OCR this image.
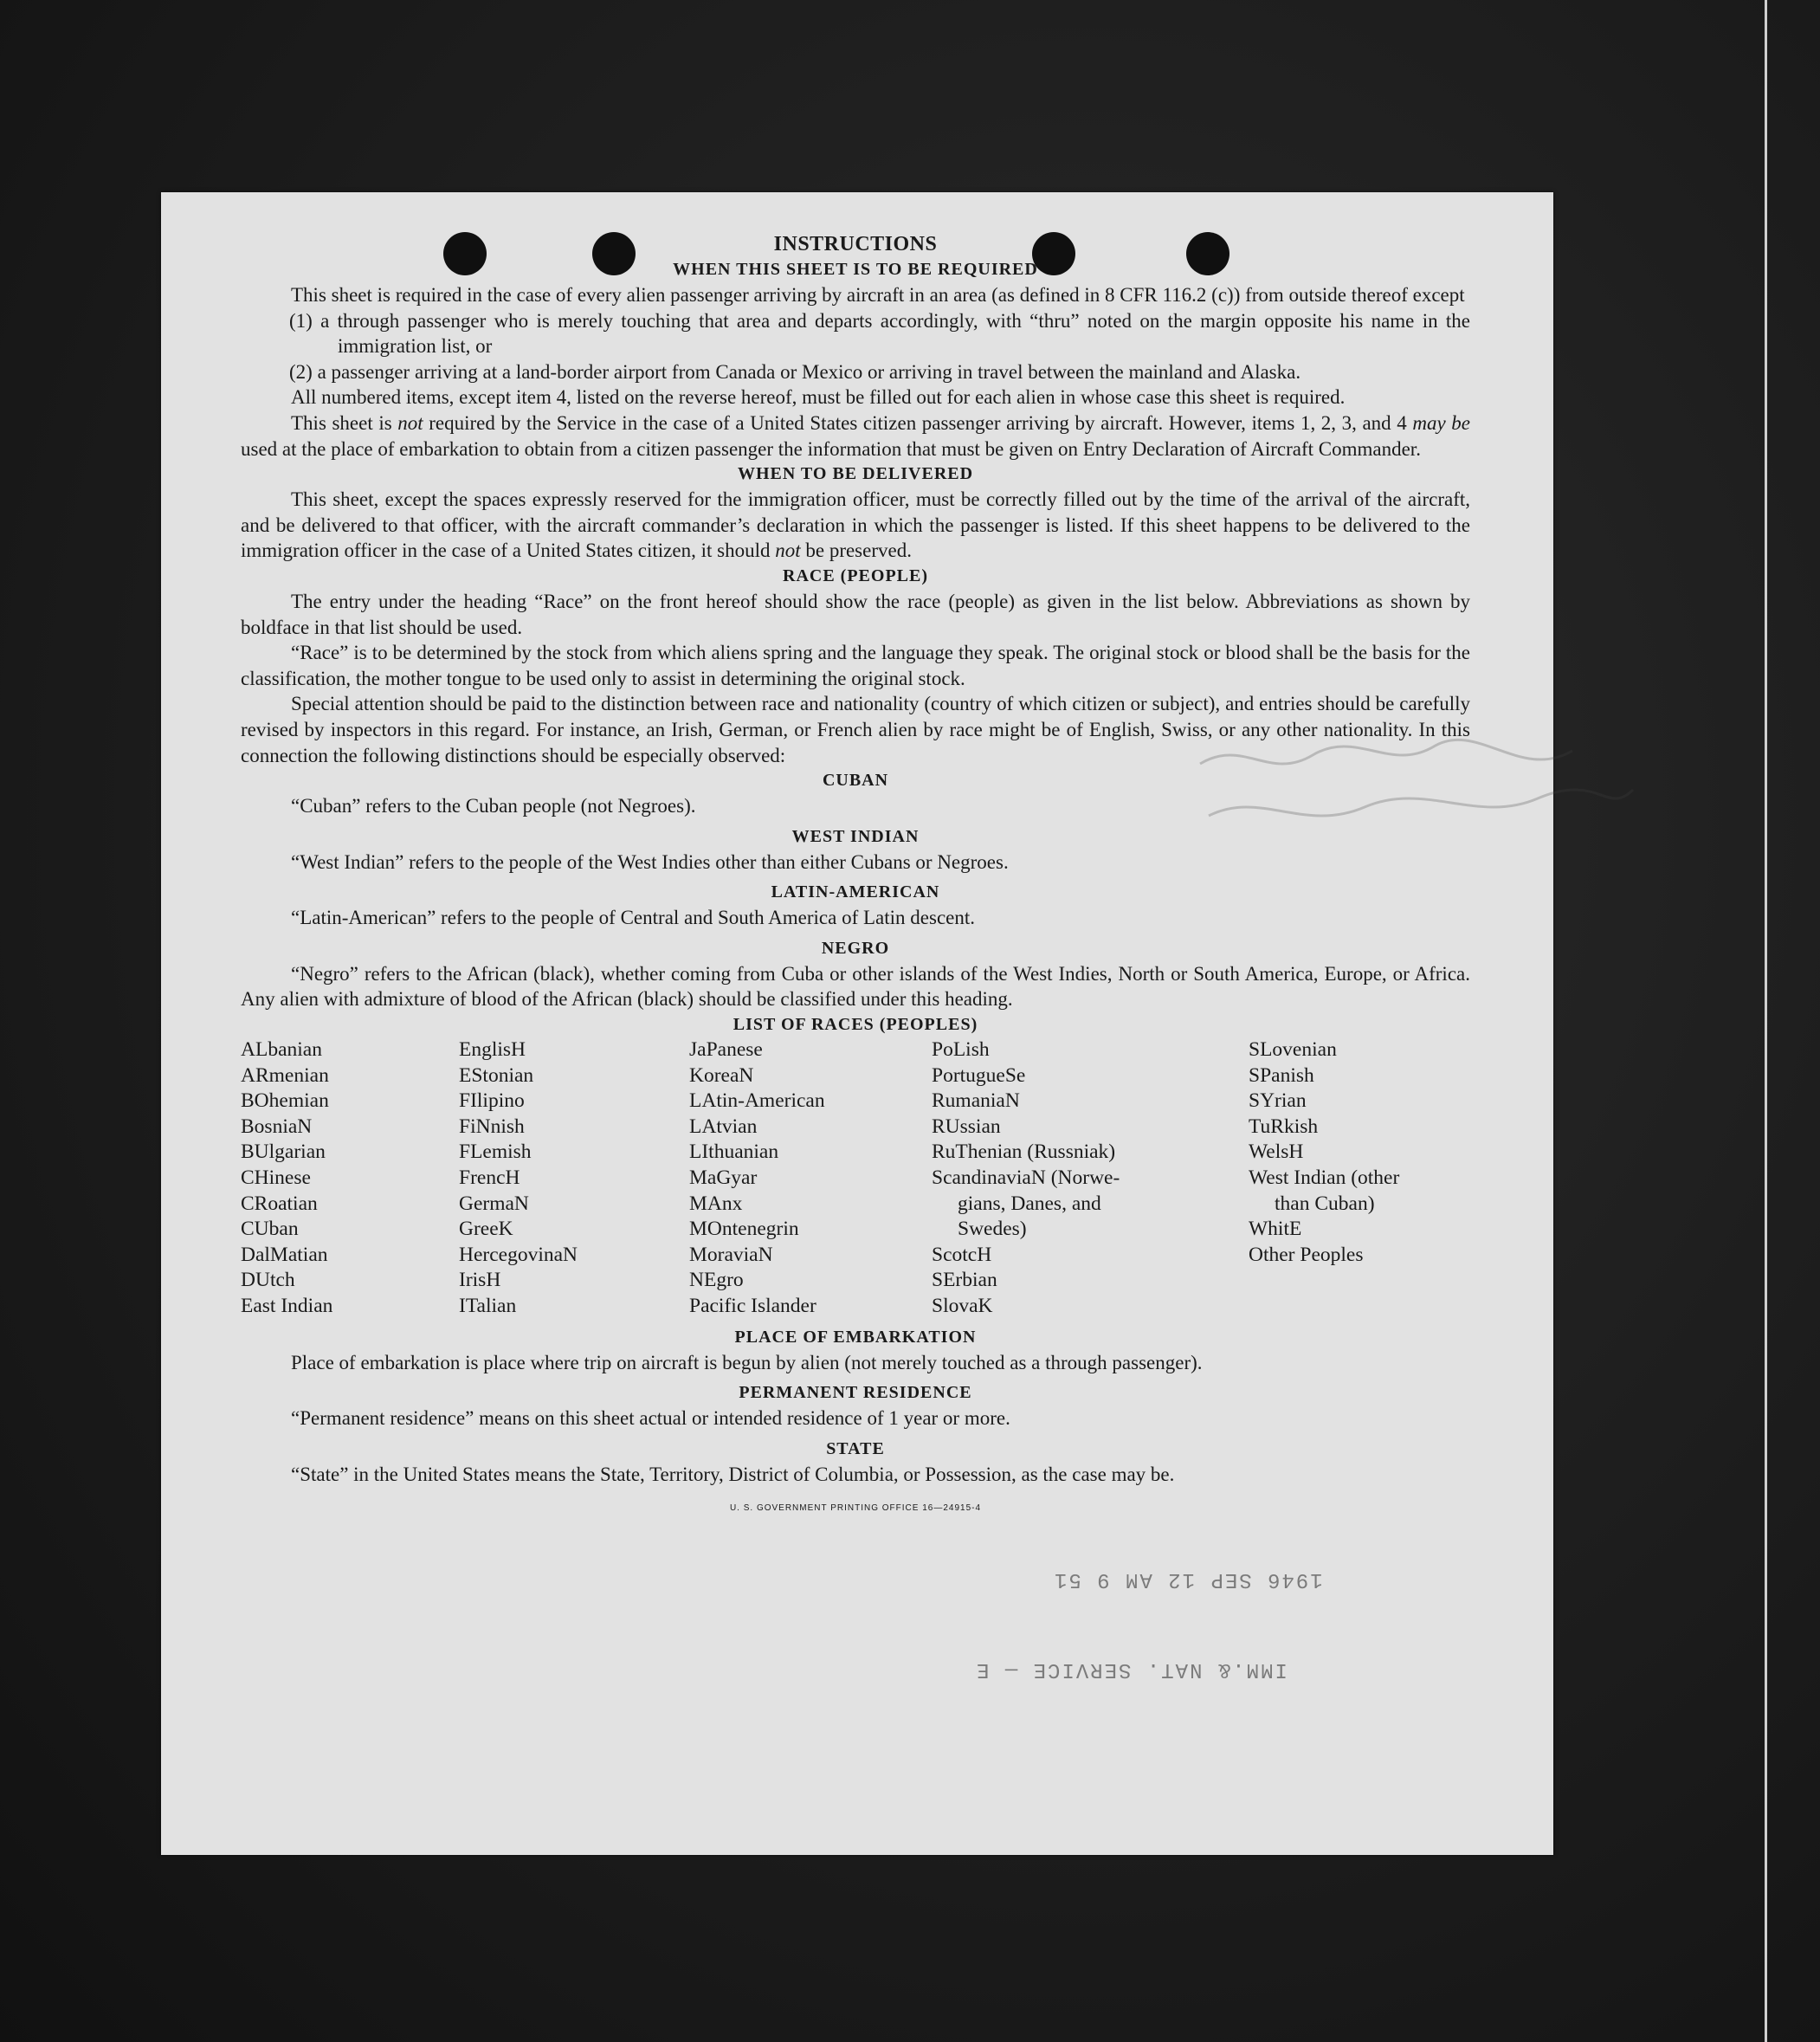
INSTRUCTIONS
WHEN THIS SHEET IS TO BE REQUIRED

This sheet is required in the case of every alien passenger arriving by aircraft in an area (as defined in 8 CFR 116.2 (c)) from outside thereof except

(1) a through passenger who is merely touching that area and departs accordingly, with “thru” noted on the margin opposite his name in the immigration list, or
(2) a passenger arriving at a land-border airport from Canada or Mexico or arriving in travel between the mainland and Alaska.

All numbered items, except item 4, listed on the reverse hereof, must be filled out for each alien in whose case this sheet is required.

This sheet is not required by the Service in the case of a United States citizen passenger arriving by aircraft. However, items 1, 2, 3, and 4 may be used at the place of embarkation to obtain from a citizen passenger the information that must be given on Entry Declaration of Aircraft Commander.

WHEN TO BE DELIVERED

This sheet, except the spaces expressly reserved for the immigration officer, must be correctly filled out by the time of the arrival of the aircraft, and be delivered to that officer, with the aircraft commander’s declaration in which the passenger is listed. If this sheet happens to be delivered to the immigration officer in the case of a United States citizen, it should not be preserved.

RACE (PEOPLE)

The entry under the heading “Race” on the front hereof should show the race (people) as given in the list below. Abbreviations as shown by boldface in that list should be used.

“Race” is to be determined by the stock from which aliens spring and the language they speak. The original stock or blood shall be the basis for the classification, the mother tongue to be used only to assist in determining the original stock.

Special attention should be paid to the distinction between race and nationality (country of which citizen or subject), and entries should be carefully revised by inspectors in this regard. For instance, an Irish, German, or French alien by race might be of English, Swiss, or any other nationality. In this connection the following distinctions should be especially observed:

CUBAN

“Cuban” refers to the Cuban people (not Negroes).

WEST INDIAN

“West Indian” refers to the people of the West Indies other than either Cubans or Negroes.

LATIN-AMERICAN

“Latin-American” refers to the people of Central and South America of Latin descent.

NEGRO

“Negro” refers to the African (black), whether coming from Cuba or other islands of the West Indies, North or South America, Europe, or Africa. Any alien with admixture of blood of the African (black) should be classified under this heading.

LIST OF RACES (PEOPLES)
ALbanian
ARmenian
BOhemian
BosniaN
BUlgarian
CHinese
CRoatian
CUban
DalMatian
DUtch
East Indian
EnglisH
EStonian
FIlipino
FiNnish
FLemish
FrencH
GermaN
GreeK
HercegovinaN
IrisH
ITalian
JaPanese
KoreaN
LAtin-American
LAtvian
LIthuanian
MaGyar
MAnx
MOntenegrin
MoraviaN
NEgro
Pacific Islander
PoLish
PortugueSe
RumaniaN
RUssian
RuThenian (Russniak)
ScandinaviaN (Norwe-
gians, Danes, and
Swedes)
ScotcH
SErbian
SlovaK
SLovenian
SPanish
SYrian
TuRkish
WelsH
West Indian (other
than Cuban)
WhitE
Other Peoples
PLACE OF EMBARKATION

Place of embarkation is place where trip on aircraft is begun by alien (not merely touched as a through passenger).

PERMANENT RESIDENCE

“Permanent residence” means on this sheet actual or intended residence of 1 year or more.

STATE

“State” in the United States means the State, Territory, District of Columbia, or Possession, as the case may be.

U. S. GOVERNMENT PRINTING OFFICE 16—24915-4
1946 SEP 12 AM 9 51
IMM.& NAT. SERVICE — E
